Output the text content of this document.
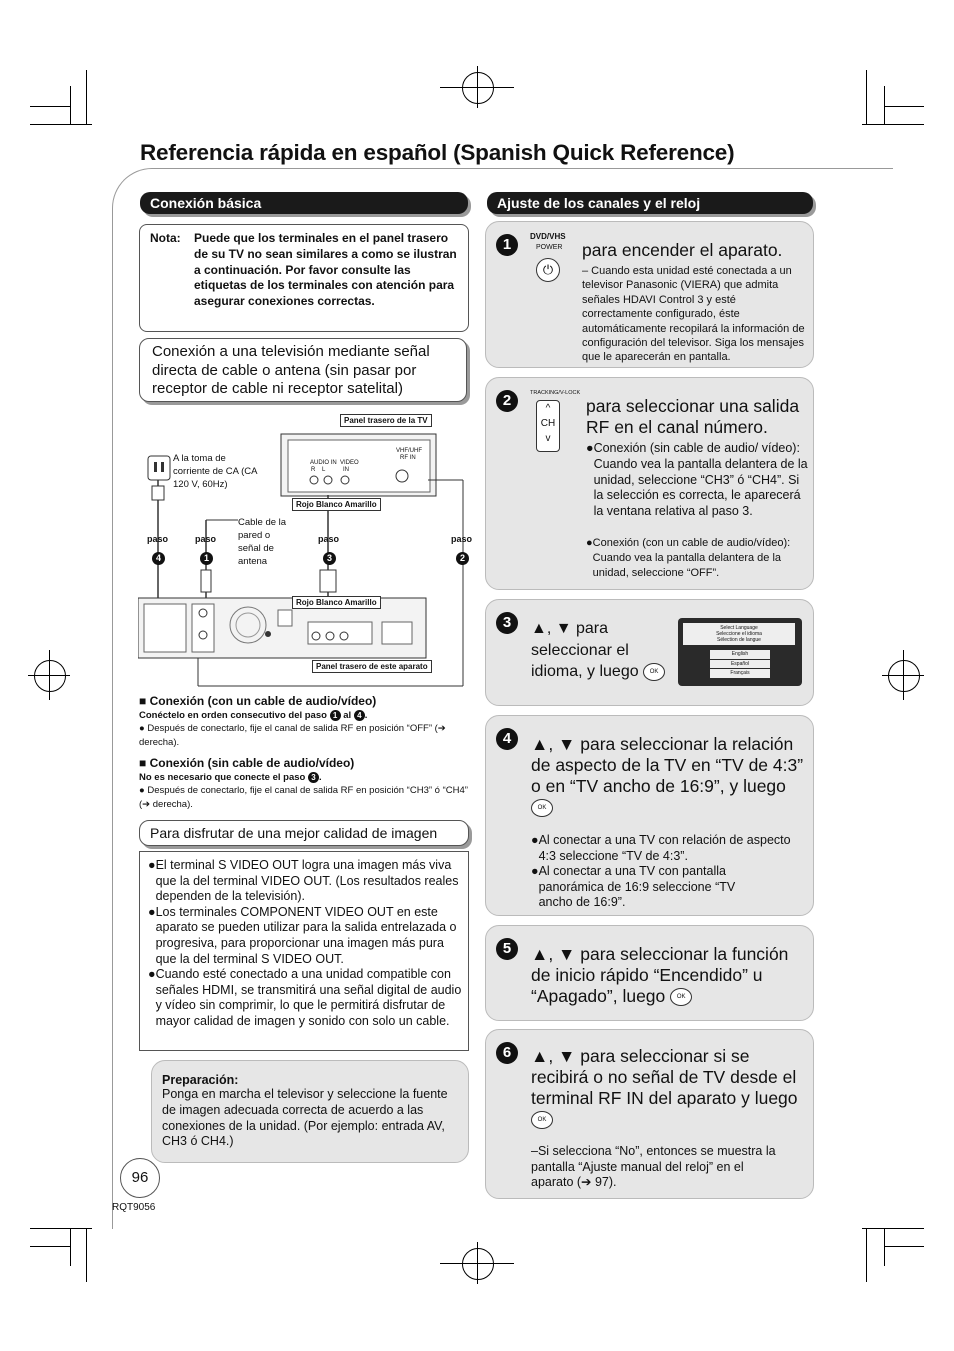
Referencia rápida en español (Spanish Quick Reference)
Conexión básica
Nota: Puede que los terminales en el panel trasero de su TV no sean similares a como se ilustran a continuación. Por favor consulte las etiquetas de los terminales con atención para asegurar conexiones correctas.
Conexión a una televisión mediante señal directa de cable o antena (sin pasar por receptor de cable ni receptor satelital)
Panel trasero de la TV
AUDIO IN
R    L
VIDEO
IN
VHF/UHF
RF IN
Rojo Blanco Amarillo
A la toma de corriente de CA (CA 120 V, 60Hz)
Cable de la pared o señal de antena
paso
4
paso
1
paso
3
paso
2
Rojo Blanco Amarillo
Panel trasero de este aparato
■ Conexión (con un cable de audio/vídeo)
Conéctelo en orden consecutivo del paso 1 al 4 .
● Después de conectarlo, fije el canal de salida RF en posición “OFF” (➔ derecha).
■ Conexión (sin cable de audio/vídeo)
No es necesario que conecte el paso 3 .
● Después de conectarlo, fije el canal de salida RF en posición “CH3” ó “CH4” (➔ derecha).
Para disfrutar de una mejor calidad de imagen
● El terminal S VIDEO OUT logra una imagen más viva que la del terminal VIDEO OUT. (Los resultados reales dependen de la televisión).
● Los terminales COMPONENT VIDEO OUT en este aparato se pueden utilizar para la salida entrelazada o progresiva, para proporcionar una imagen más pura que la del terminal S VIDEO OUT.
● Cuando esté conectado a una unidad compatible con señales HDMI, se transmitirá una señal digital de audio y vídeo sin comprimir, lo que le permitirá disfrutar de mayor calidad de imagen y sonido con solo un cable.
Preparación:
Ponga en marcha el televisor y seleccione la fuente de imagen adecuada correcta de acuerdo a las conexiones de la unidad. (Por ejemplo: entrada AV, CH3 ó CH4.)
96
RQT9056
Ajuste de los canales y el reloj
1	DVD/VHS
POWER
⏻
para encender el aparato.
– Cuando esta unidad esté conectada a un televisor Panasonic (VIERA) que admita señales HDAVI Control 3 y esté correctamente configurado, éste automáticamente recopilará la información de configuración del televisor. Siga los mensajes que le aparecerán en pantalla.
2	TRACKING/V-LOCK
^
CH
v
para seleccionar una salida RF en el canal número.
● Conexión (sin cable de audio/ vídeo): Cuando vea la pantalla delantera de la unidad, seleccione “CH3” ó “CH4”. Si la selección es correcta, le aparecerá la ventana relativa al paso 3.
● Conexión (con un cable de audio/vídeo): Cuando vea la pantalla delantera de la unidad, seleccione “OFF”.
3	▲, ▼ para seleccionar el idioma, y luego OK
Select Language
Seleccione el idioma
Sélection de langue
English
Español
Français
4	▲, ▼ para seleccionar la relación de aspecto de la TV en “TV de 4:3” o en “TV ancho de 16:9”, y luego OK
● Al conectar a una TV con relación de aspecto 4:3 seleccione “TV de 4:3”.
● Al conectar a una TV con pantalla panorámica de 16:9 seleccione “TV ancho de 16:9”.
5	▲, ▼ para seleccionar la función de inicio rápido “Encendido” u “Apagado”, luego OK
6	▲, ▼ para seleccionar si se recibirá o no señal de TV desde el terminal RF IN del aparato y luego OK
–Si selecciona “No”, entonces se muestra la pantalla “Ajuste manual del reloj” en el aparato (➔ 97).
